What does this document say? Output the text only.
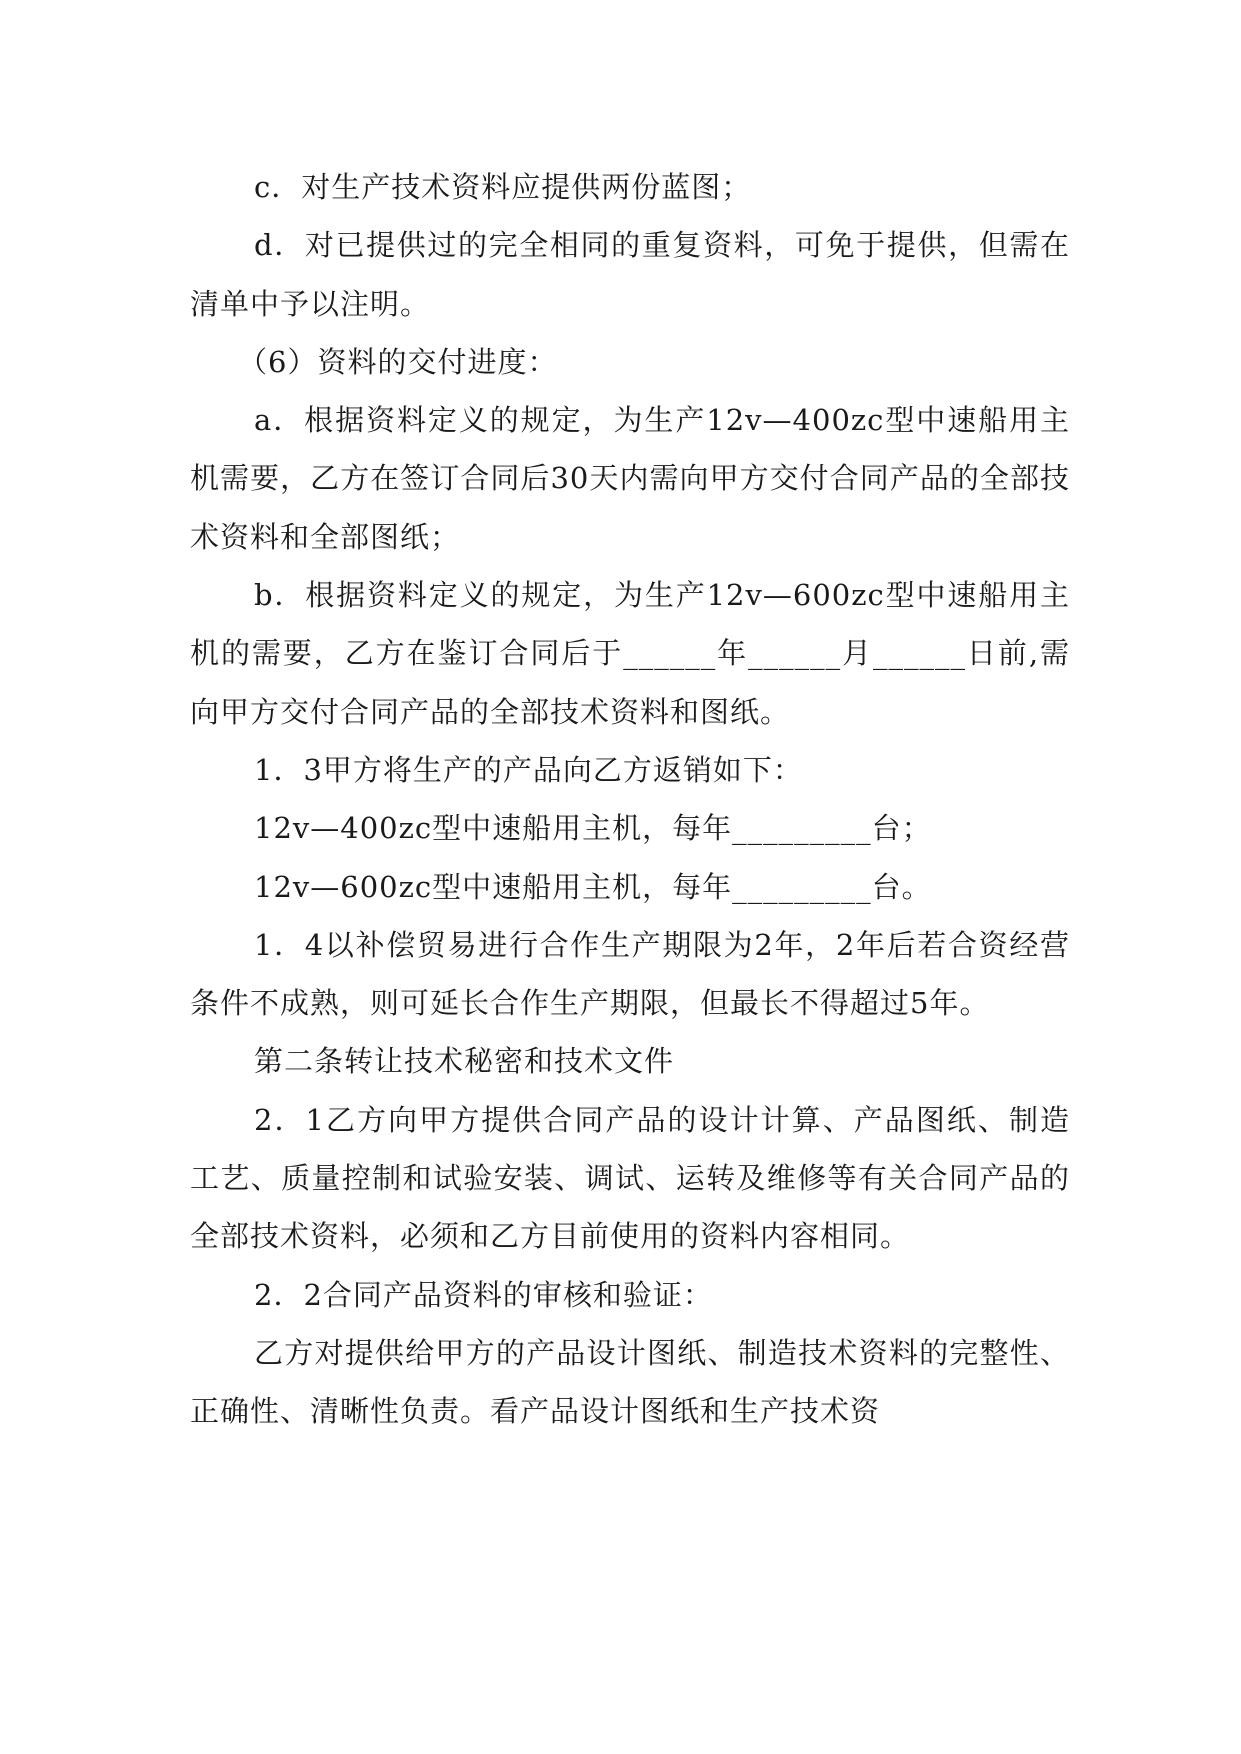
c．对生产技术资料应提供两份蓝图；

d．对已提供过的完全相同的重复资料，可免于提供，但需在清单中予以注明。

（6）资料的交付进度：

a．根据资料定义的规定，为生产12v—400zc型中速船用主机需要，乙方在签订合同后30天内需向甲方交付合同产品的全部技术资料和全部图纸；

b．根据资料定义的规定，为生产12v—600zc型中速船用主机的需要，乙方在鉴订合同后于______年______月______日前,需向甲方交付合同产品的全部技术资料和图纸。

1．3甲方将生产的产品向乙方返销如下：

12v—400zc型中速船用主机，每年_________台；

12v—600zc型中速船用主机，每年_________台。

1．4以补偿贸易进行合作生产期限为2年，2年后若合资经营条件不成熟，则可延长合作生产期限，但最长不得超过5年。

第二条转让技术秘密和技术文件

2．1乙方向甲方提供合同产品的设计计算、产品图纸、制造工艺、质量控制和试验安装、调试、运转及维修等有关合同产品的全部技术资料，必须和乙方目前使用的资料内容相同。

2．2合同产品资料的审核和验证：

乙方对提供给甲方的产品设计图纸、制造技术资料的完整性、正确性、清晰性负责。看产品设计图纸和生产技术资
